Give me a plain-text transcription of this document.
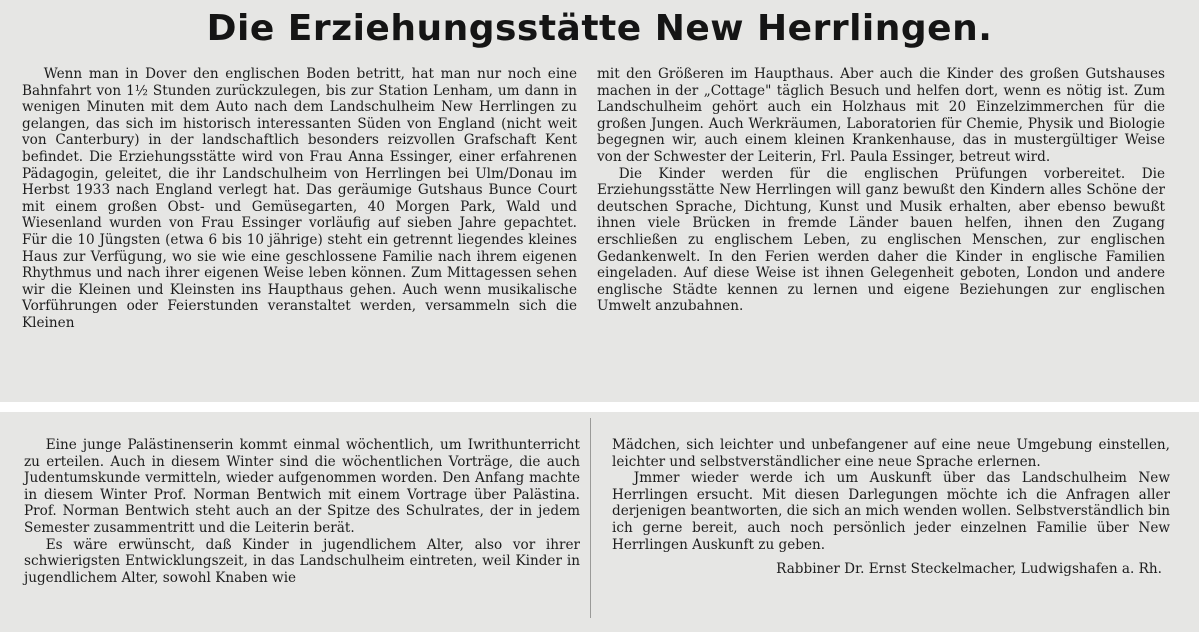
Die Erziehungsstätte New Herrlingen.

Wenn man in Dover den englischen Boden betritt, hat man nur noch eine Bahnfahrt von 1½ Stunden zurückzulegen, bis zur Station Lenham, um dann in wenigen Minuten mit dem Auto nach dem Landschulheim New Herrlingen zu gelangen, das sich im historisch interessanten Süden von England (nicht weit von Canterbury) in der landschaftlich besonders reizvollen Grafschaft Kent befindet. Die Erziehungsstätte wird von Frau Anna Essinger, einer erfahrenen Pädagogin, geleitet, die ihr Landschulheim von Herrlingen bei Ulm/Donau im Herbst 1933 nach England verlegt hat. Das geräumige Gutshaus Bunce Court mit einem großen Obst- und Gemüsegarten, 40 Morgen Park, Wald und Wiesenland wurden von Frau Essinger vorläufig auf sieben Jahre gepachtet. Für die 10 Jüngsten (etwa 6 bis 10 jährige) steht ein getrennt liegendes kleines Haus zur Verfügung, wo sie wie eine geschlossene Familie nach ihrem eigenen Rhythmus und nach ihrer eigenen Weise leben können. Zum Mittagessen sehen wir die Kleinen und Kleinsten ins Haupthaus gehen. Auch wenn musikalische Vorführungen oder Feierstunden veranstaltet werden, versammeln sich die Kleinen

mit den Größeren im Haupthaus. Aber auch die Kinder des großen Gutshauses machen in der „Cottage" täglich Besuch und helfen dort, wenn es nötig ist. Zum Landschulheim gehört auch ein Holzhaus mit 20 Einzelzimmerchen für die großen Jungen. Auch Werkräumen, Laboratorien für Chemie, Physik und Biologie begegnen wir, auch einem kleinen Krankenhause, das in mustergültiger Weise von der Schwester der Leiterin, Frl. Paula Essinger, betreut wird.

Die Kinder werden für die englischen Prüfungen vorbereitet. Die Erziehungsstätte New Herrlingen will ganz bewußt den Kindern alles Schöne der deutschen Sprache, Dichtung, Kunst und Musik erhalten, aber ebenso bewußt ihnen viele Brücken in fremde Länder bauen helfen, ihnen den Zugang erschließen zu englischem Leben, zu englischen Menschen, zur englischen Gedankenwelt. In den Ferien werden daher die Kinder in englische Familien eingeladen. Auf diese Weise ist ihnen Gelegenheit geboten, London und andere englische Städte kennen zu lernen und eigene Beziehungen zur englischen Umwelt anzubahnen.

Eine junge Palästinenserin kommt einmal wöchentlich, um Iwrithunterricht zu erteilen. Auch in diesem Winter sind die wöchentlichen Vorträge, die auch Judentumskunde vermitteln, wieder aufgenommen worden. Den Anfang machte in diesem Winter Prof. Norman Bentwich mit einem Vortrage über Palästina. Prof. Norman Bentwich steht auch an der Spitze des Schulrates, der in jedem Semester zusammentritt und die Leiterin berät.

Es wäre erwünscht, daß Kinder in jugendlichem Alter, also vor ihrer schwierigsten Entwicklungszeit, in das Landschulheim eintreten, weil Kinder in jugendlichem Alter, sowohl Knaben wie

Mädchen, sich leichter und unbefangener auf eine neue Umgebung einstellen, leichter und selbstverständlicher eine neue Sprache erlernen.

Jmmer wieder werde ich um Auskunft über das Landschulheim New Herrlingen ersucht. Mit diesen Darlegungen möchte ich die Anfragen aller derjenigen beantworten, die sich an mich wenden wollen. Selbstverständlich bin ich gerne bereit, auch noch persönlich jeder einzelnen Familie über New Herrlingen Auskunft zu geben.

Rabbiner Dr. Ernst Steckelmacher, Ludwigshafen a. Rh.
